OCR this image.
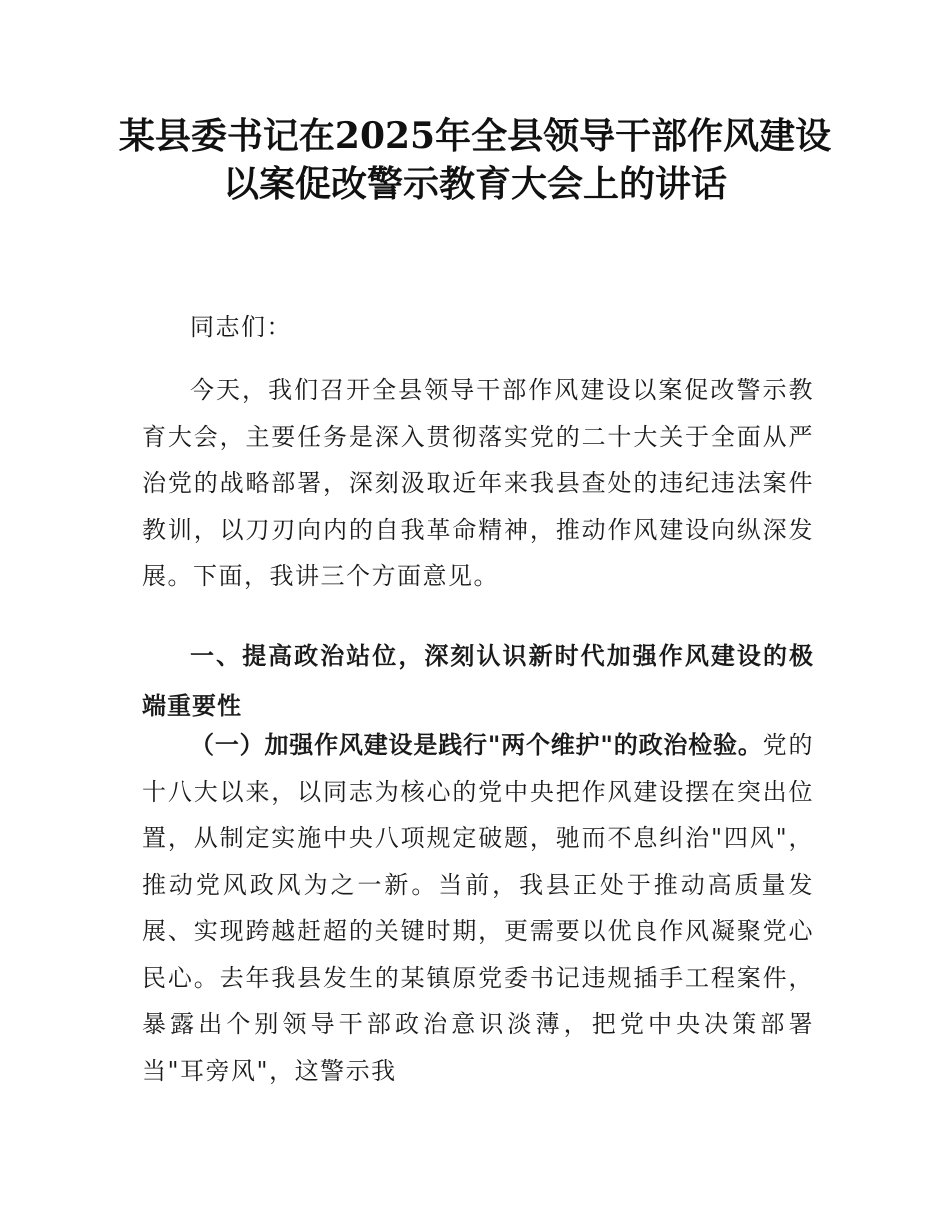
某县委书记在2025年全县领导干部作风建设
以案促改警示教育大会上的讲话

同志们：

今天，我们召开全县领导干部作风建设以案促改警示教育大会，主要任务是深入贯彻落实党的二十大关于全面从严治党的战略部署，深刻汲取近年来我县查处的违纪违法案件教训，以刀刃向内的自我革命精神，推动作风建设向纵深发展。下面，我讲三个方面意见。

一、提高政治站位，深刻认识新时代加强作风建设的极端重要性

（一）加强作风建设是践行"两个维护"的政治检验。党的十八大以来，以同志为核心的党中央把作风建设摆在突出位置，从制定实施中央八项规定破题，驰而不息纠治"四风"，推动党风政风为之一新。当前，我县正处于推动高质量发展、实现跨越赶超的关键时期，更需要以优良作风凝聚党心民心。去年我县发生的某镇原党委书记违规插手工程案件，暴露出个别领导干部政治意识淡薄，把党中央决策部署当"耳旁风"，这警示我
